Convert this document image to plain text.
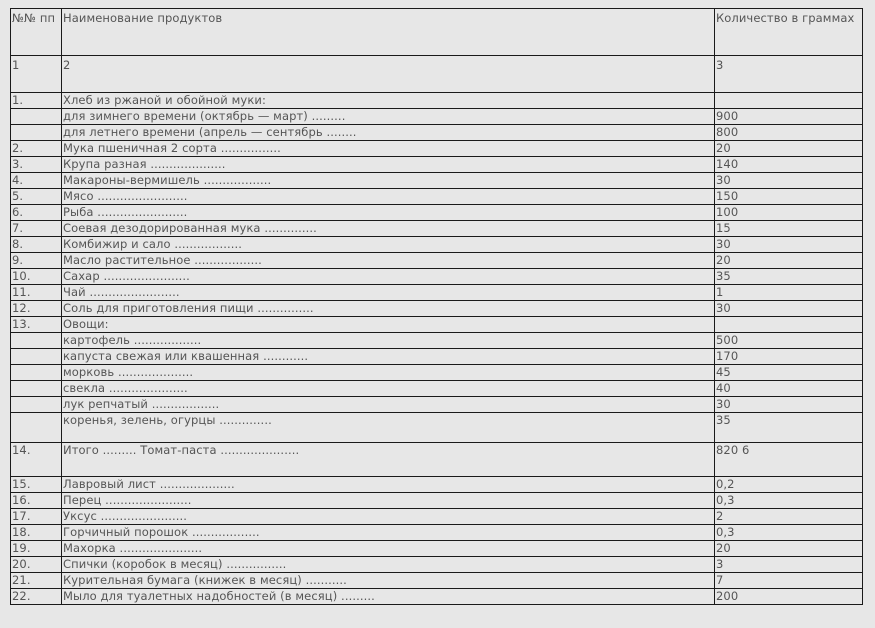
№№ пп	Наименование продуктов	Количество в граммах
1	2	3
1.	Хлеб из ржаной и обойной муки:	
	для зимнего времени (октябрь — март) .........	900
	для летнего времени (апрель — сентябрь ........	800
2.	Мука пшеничная 2 сорта ................	20
3.	Крупа разная ....................	140
4.	Макароны-вермишель ..................	30
5.	Мясо ........................	150
6.	Рыба ........................	100
7.	Соевая дезодорированная мука ..............	15
8.	Комбижир и сало ..................	30
9.	Масло растительное ..................	20
10.	Сахар .......................	35
11.	Чай ........................	1
12.	Соль для приготовления пищи ...............	30
13.	Овощи:	
	картофель ..................	500
	капуста свежая или квашенная ............	170
	морковь ....................	45
	свекла .....................	40
	лук репчатый ..................	30
	коренья, зелень, огурцы ..............	35
14.	Итого ......... Томат-паста .....................	820 6
15.	Лавровый лист ....................	0,2
16.	Перец .......................	0,3
17.	Уксус .......................	2
18.	Горчичный порошок ..................	0,3
19.	Махорка ......................	20
20.	Спички (коробок в месяц) ................	3
21.	Курительная бумага (книжек в месяц) ...........	7
22.	Мыло для туалетных надобностей (в месяц) .........	200
